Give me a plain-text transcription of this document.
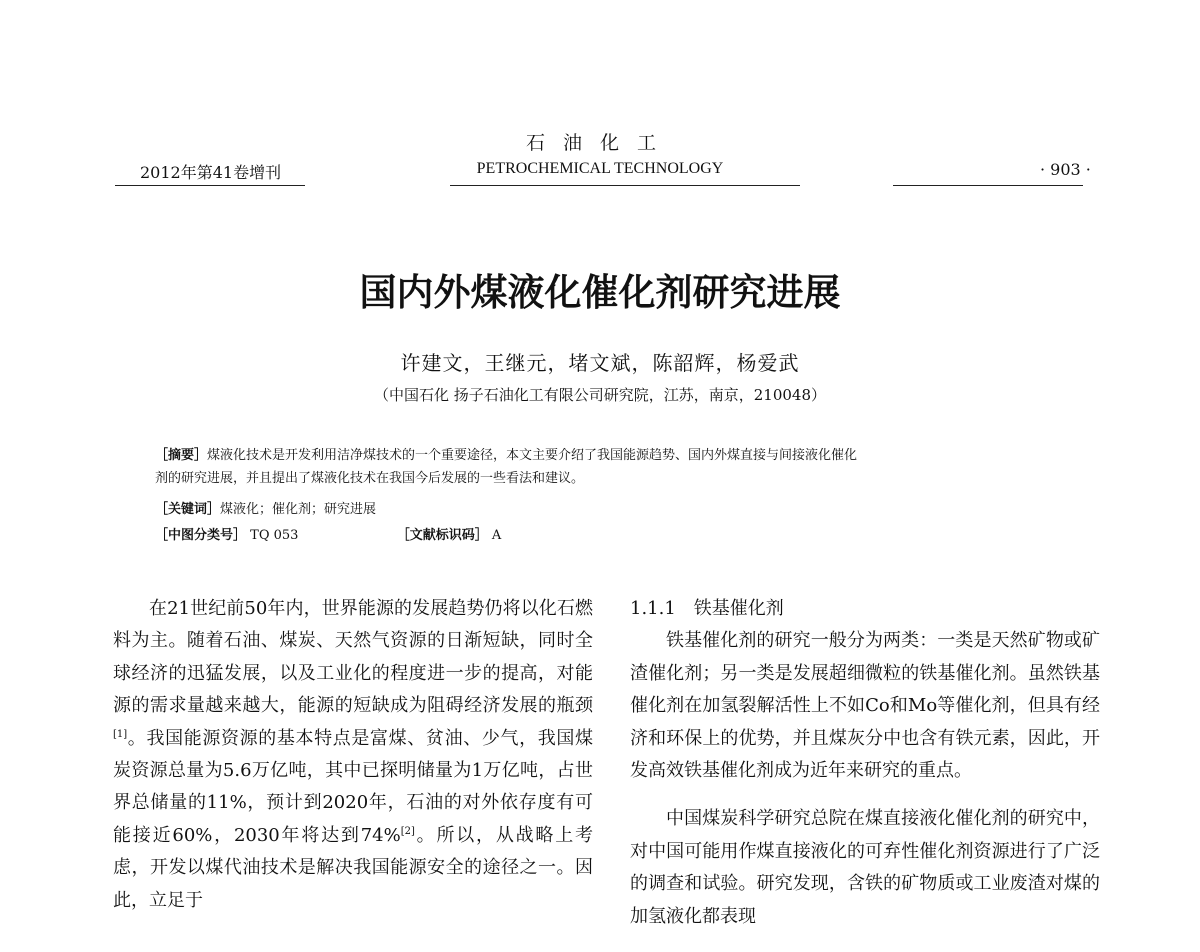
石油化工
2012年第41卷增刊	PETROCHEMICAL TECHNOLOGY	· 903 ·
国内外煤液化催化剂研究进展
许建文，王继元，堵文斌，陈韶辉，杨爱武
（中国石化 扬子石油化工有限公司研究院，江苏，南京，210048）
［摘要］煤液化技术是开发利用洁净煤技术的一个重要途径，本文主要介绍了我国能源趋势、国内外煤直接与间接液化催化
剂的研究进展，并且提出了煤液化技术在我国今后发展的一些看法和建议。
［关键词］煤液化；催化剂；研究进展
［中图分类号］ TQ 053	［文献标识码］ A

在21世纪前50年内，世界能源的发展趋势仍将以化石燃料为主。随着石油、煤炭、天然气资源的日渐短缺，同时全球经济的迅猛发展，以及工业化的程度进一步的提高，对能源的需求量越来越大，能源的短缺成为阻碍经济发展的瓶颈[1]。我国能源资源的基本特点是富煤、贫油、少气，我国煤炭资源总量为5.6万亿吨，其中已探明储量为1万亿吨，占世界总储量的11%，预计到2020年，石油的对外依存度有可能接近60%，2030年将达到74%[2]。所以，从战略上考虑，开发以煤代油技术是解决我国能源安全的途径之一。因此，立足于

1.1.1　铁基催化剂

铁基催化剂的研究一般分为两类：一类是天然矿物或矿渣催化剂；另一类是发展超细微粒的铁基催化剂。虽然铁基催化剂在加氢裂解活性上不如Co和Mo等催化剂，但具有经济和环保上的优势，并且煤灰分中也含有铁元素，因此，开发高效铁基催化剂成为近年来研究的重点。

中国煤炭科学研究总院在煤直接液化催化剂的研究中，对中国可能用作煤直接液化的可弃性催化剂资源进行了广泛的调查和试验。研究发现，含铁的矿物质或工业废渣对煤的加氢液化都表现
